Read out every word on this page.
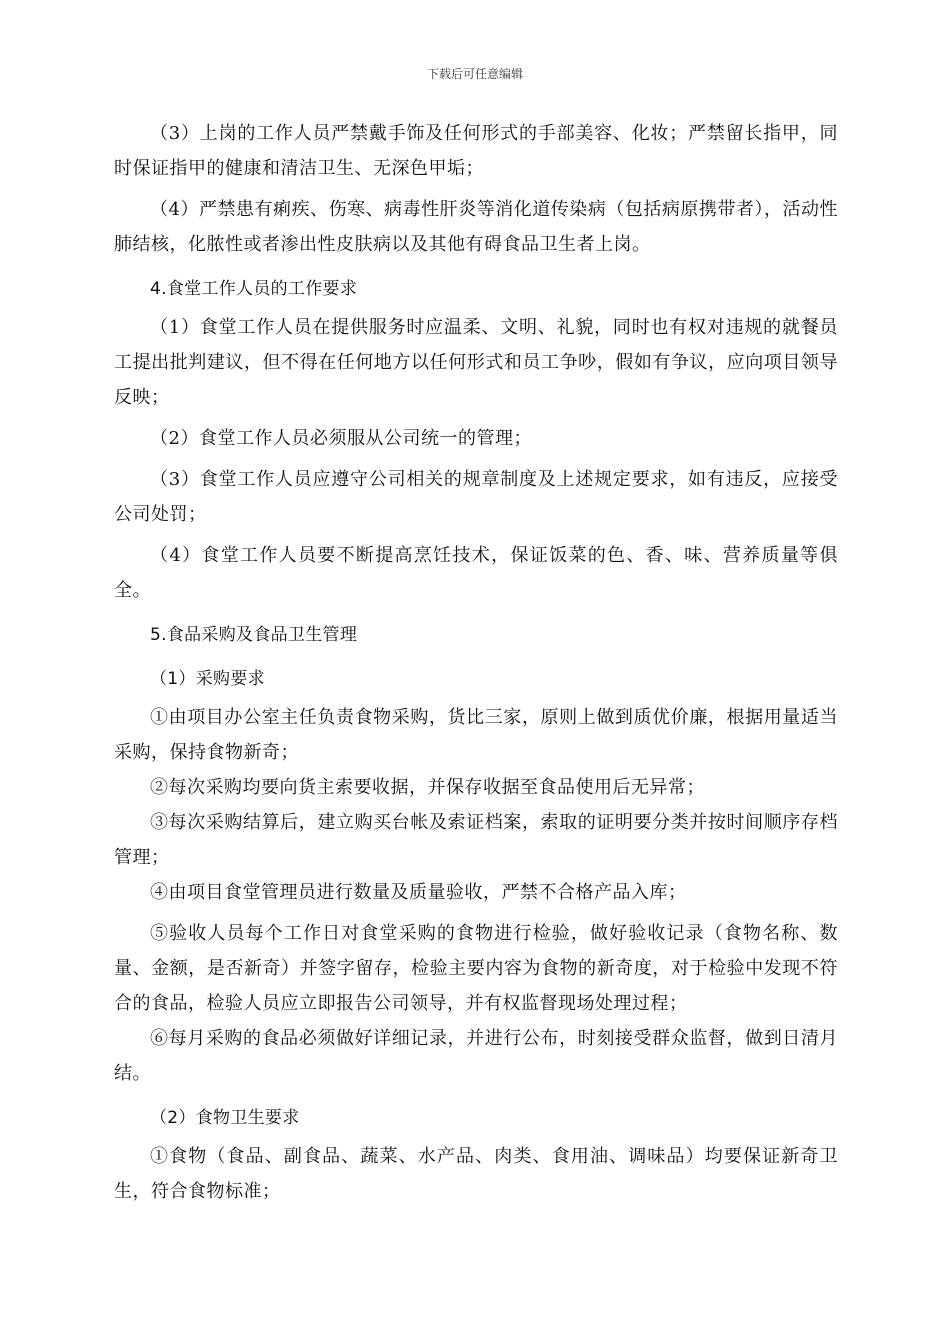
下载后可任意编辑

（3）上岗的工作人员严禁戴手饰及任何形式的手部美容、化妆；严禁留长指甲，同时保证指甲的健康和清洁卫生、无深色甲垢；

（4）严禁患有痢疾、伤寒、病毒性肝炎等消化道传染病（包括病原携带者），活动性肺结核，化脓性或者渗出性皮肤病以及其他有碍食品卫生者上岗。

4.食堂工作人员的工作要求

（1）食堂工作人员在提供服务时应温柔、文明、礼貌，同时也有权对违规的就餐员工提出批判建议，但不得在任何地方以任何形式和员工争吵，假如有争议，应向项目领导反映；

（2）食堂工作人员必须服从公司统一的管理；

（3）食堂工作人员应遵守公司相关的规章制度及上述规定要求，如有违反，应接受公司处罚；

（4）食堂工作人员要不断提高烹饪技术，保证饭菜的色、香、味、营养质量等俱全。

5.食品采购及食品卫生管理
（1）采购要求

①由项目办公室主任负责食物采购，货比三家，原则上做到质优价廉，根据用量适当采购，保持食物新奇；

②每次采购均要向货主索要收据，并保存收据至食品使用后无异常；

③每次采购结算后，建立购买台帐及索证档案，索取的证明要分类并按时间顺序存档管理；

④由项目食堂管理员进行数量及质量验收，严禁不合格产品入库；

⑤验收人员每个工作日对食堂采购的食物进行检验，做好验收记录（食物名称、数量、金额，是否新奇）并签字留存，检验主要内容为食物的新奇度，对于检验中发现不符合的食品，检验人员应立即报告公司领导，并有权监督现场处理过程；

⑥每月采购的食品必须做好详细记录，并进行公布，时刻接受群众监督，做到日清月结。

（2）食物卫生要求

①食物（食品、副食品、蔬菜、水产品、肉类、食用油、调味品）均要保证新奇卫生，符合食物标准；
